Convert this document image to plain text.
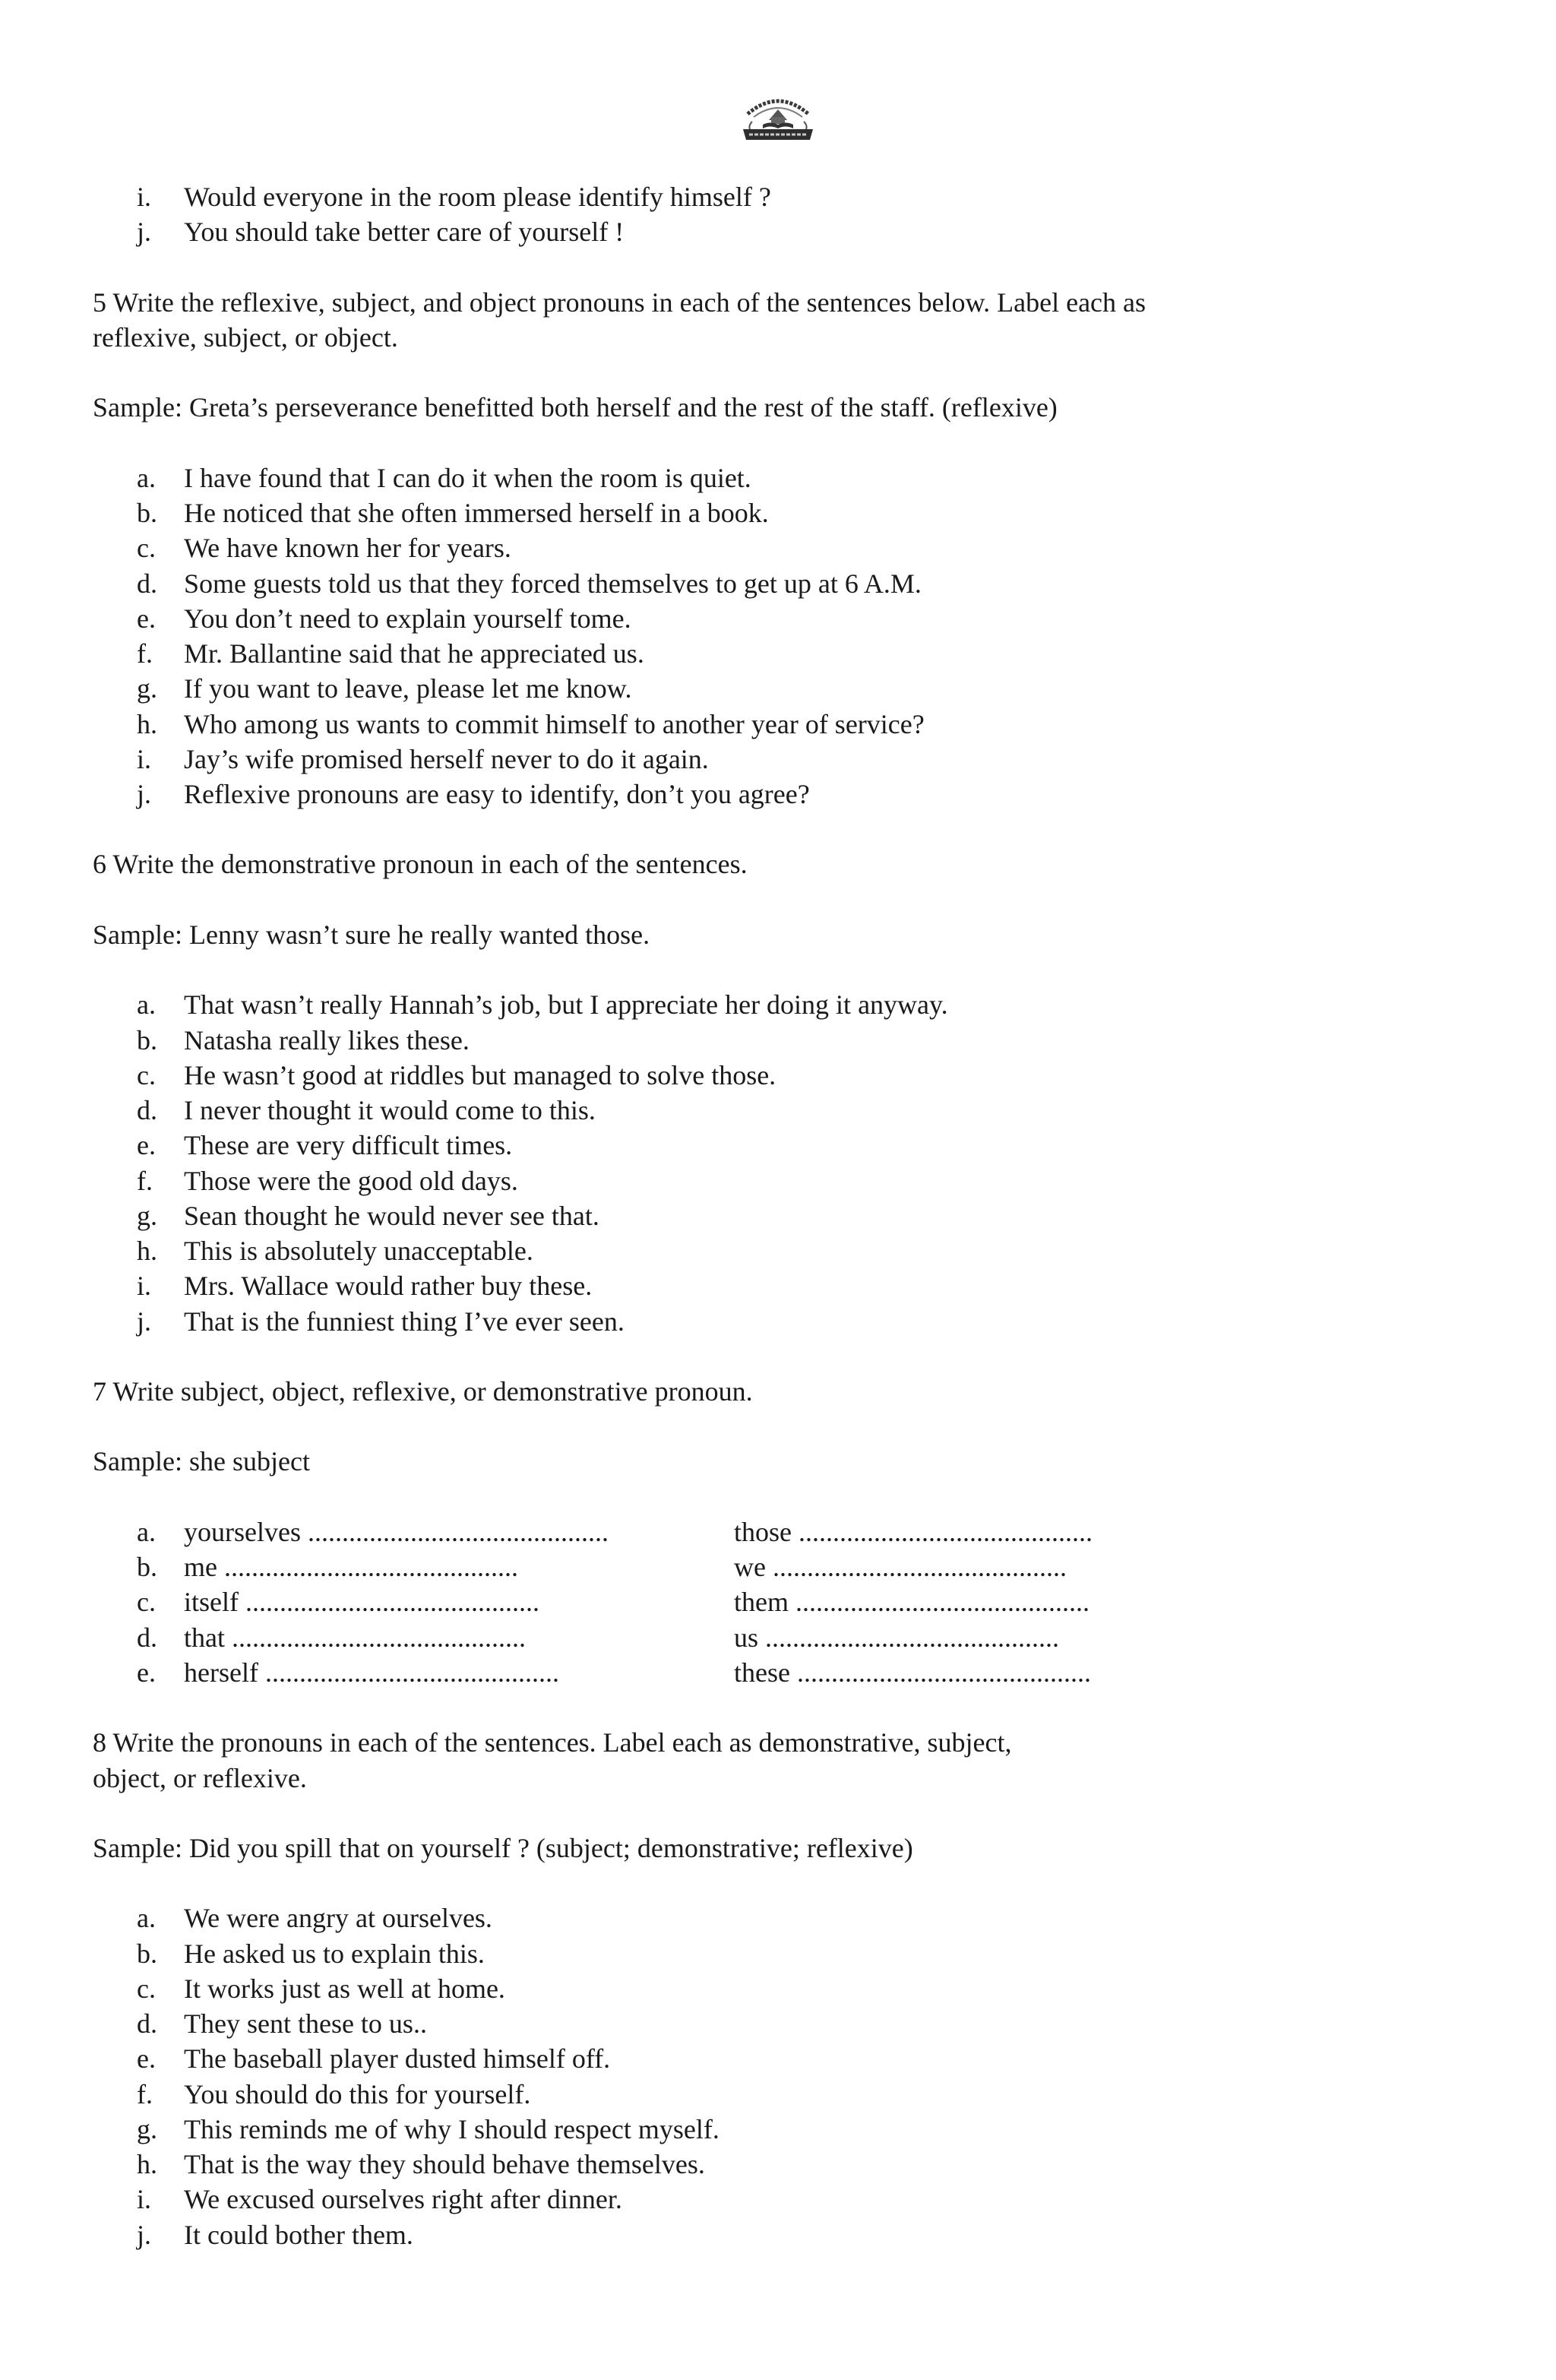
i. Would everyone in the room please identify himself ?
j. You should take better care of yourself !
5 Write the reflexive, subject, and object pronouns in each of the sentences below. Label each as
reflexive, subject, or object.
Sample: Greta’s perseverance benefitted both herself and the rest of the staff. (reflexive)
a. I have found that I can do it when the room is quiet.
b. He noticed that she often immersed herself in a book.
c. We have known her for years.
d. Some guests told us that they forced themselves to get up at 6 A.M.
e. You don’t need to explain yourself tome.
f. Mr. Ballantine said that he appreciated us.
g. If you want to leave, please let me know.
h. Who among us wants to commit himself to another year of service?
i. Jay’s wife promised herself never to do it again.
j. Reflexive pronouns are easy to identify, don’t you agree?
6 Write the demonstrative pronoun in each of the sentences.
Sample: Lenny wasn’t sure he really wanted those.
a. That wasn’t really Hannah’s job, but I appreciate her doing it anyway.
b. Natasha really likes these.
c. He wasn’t good at riddles but managed to solve those.
d. I never thought it would come to this.
e. These are very difficult times.
f. Those were the good old days.
g. Sean thought he would never see that.
h. This is absolutely unacceptable.
i. Mrs. Wallace would rather buy these.
j. That is the funniest thing I’ve ever seen.
7 Write subject, object, reflexive, or demonstrative pronoun.
Sample: she subject
a. yourselves ............................................	those ...........................................
b. me ...........................................	we ...........................................
c. itself ...........................................	them ...........................................
d. that ...........................................	us ...........................................
e. herself ...........................................	these ...........................................
8 Write the pronouns in each of the sentences. Label each as demonstrative, subject,
object, or reflexive.
Sample: Did you spill that on yourself ? (subject; demonstrative; reflexive)
a. We were angry at ourselves.
b. He asked us to explain this.
c. It works just as well at home.
d. They sent these to us..
e. The baseball player dusted himself off.
f. You should do this for yourself.
g. This reminds me of why I should respect myself.
h. That is the way they should behave themselves.
i. We excused ourselves right after dinner.
j. It could bother them.
